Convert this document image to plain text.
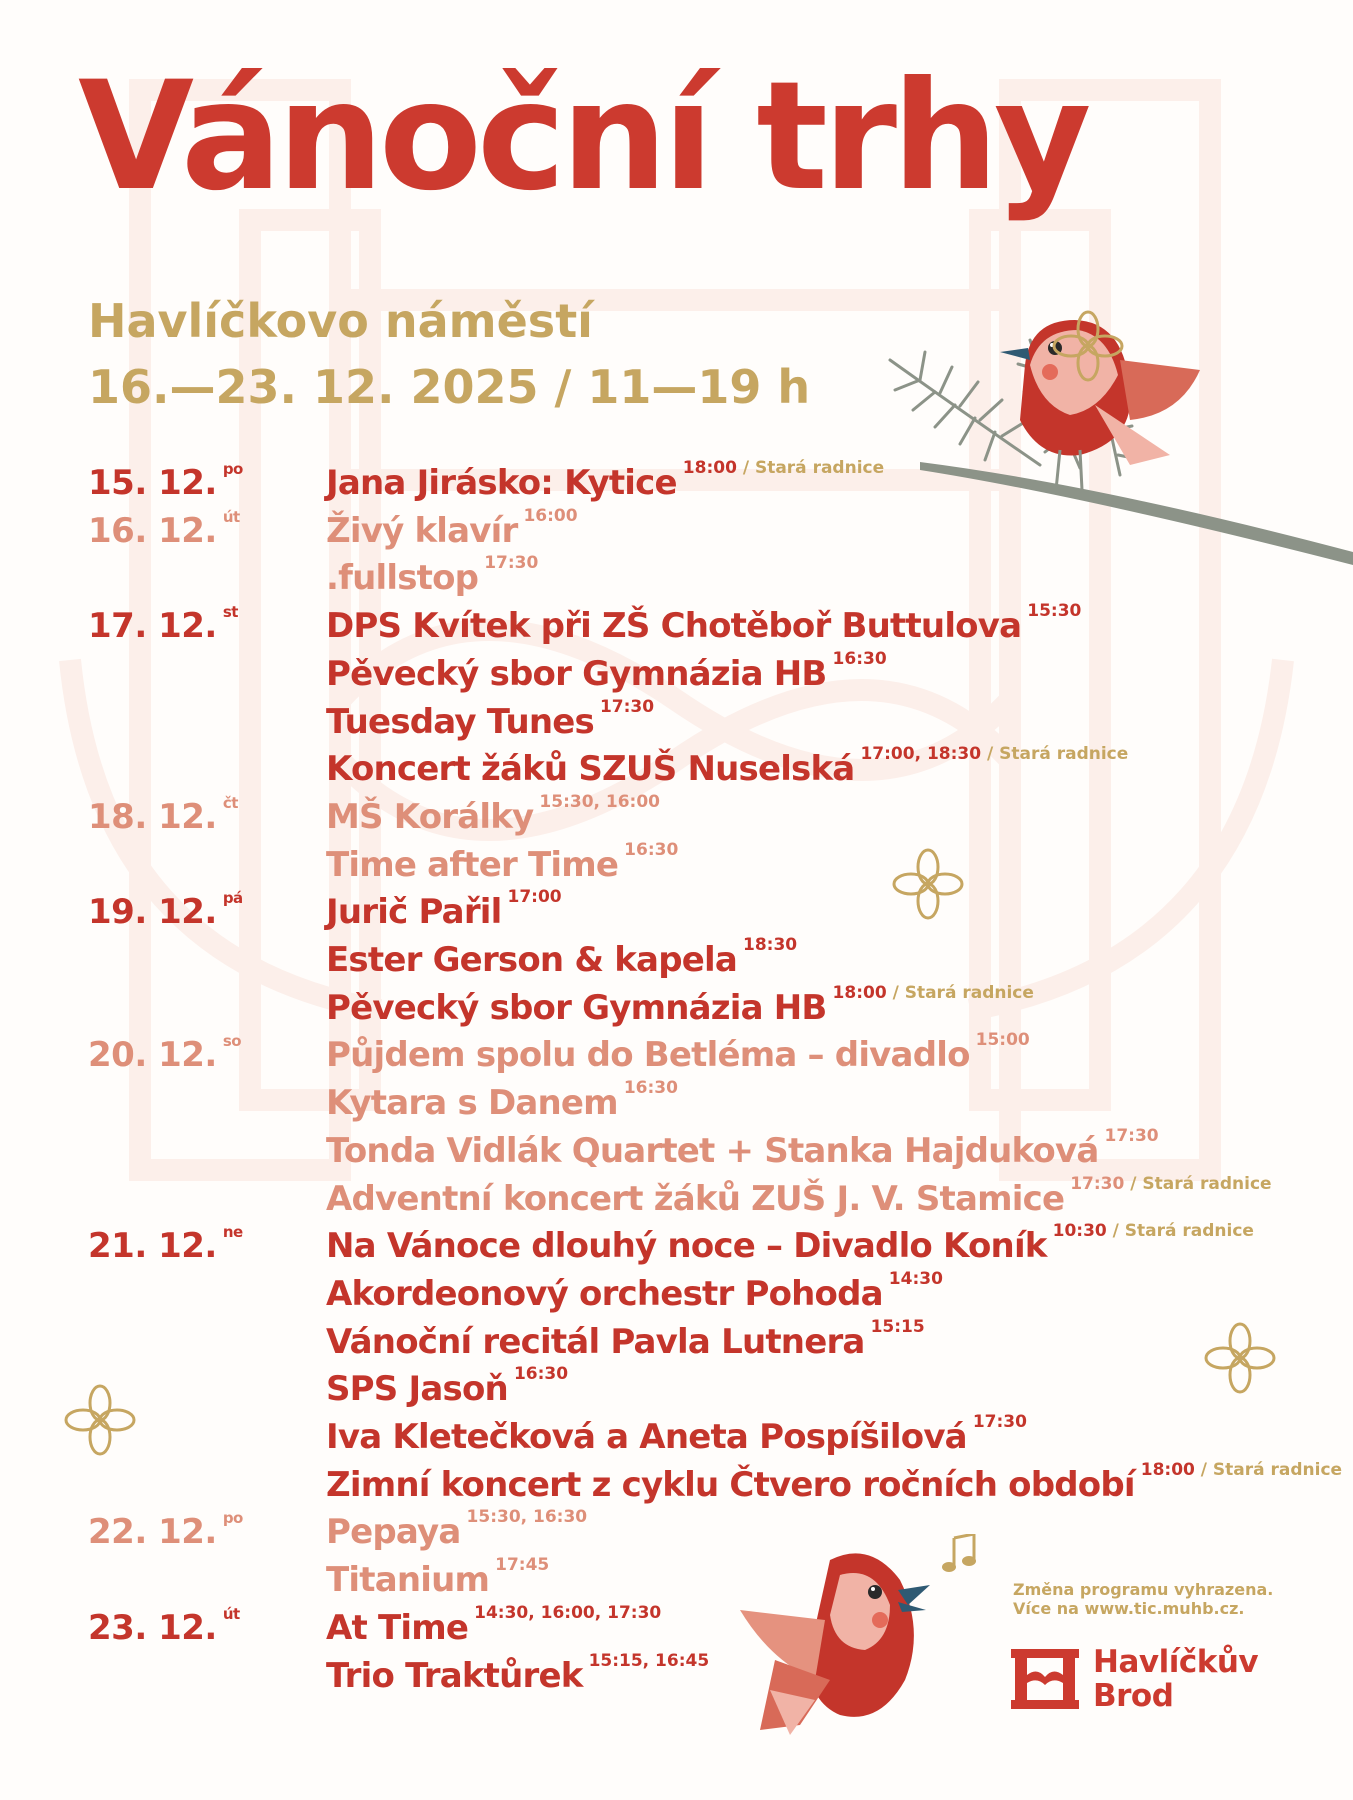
Vánoční trhy
Havlíčkovo náměstí
16.—23. 12. 2025 / 11—19 h
15. 12. $^{po}$ Jana Jirásko: Kytice $^{18:00}$ $^{/ Stará radnice}$
16. 12. $^{út}$	Živý klavír $^{16:00}$
.fullstop $^{17:30}$
17. 12. $^{st}$	DPS Kvítek při ZŠ Chotěboř Buttulova $^{15:30}$
Pěvecký sbor Gymnázia HB $^{16:30}$
Tuesday Tunes $^{17:30}$
Koncert žáků SZUŠ Nuselská $^{17:00, 18:30}$ $^{/ Stará radnice}$
18. 12. $^{čt}$	MŠ Korálky $^{15:30, 16:00}$
Time after Time $^{16:30}$
19. 12. $^{pá}$ Jurič Pařil $^{17:00}$
Ester Gerson & kapela $^{18:30}$
Pěvecký sbor Gymnázia HB $^{18:00}$ $^{/ Stará radnice}$
20. 12. $^{so}$ Půjdem spolu do Betléma – divadlo $^{15:00}$
Kytara s Danem $^{16:30}$
Tonda Vidlák Quartet + Stanka Hajduková $^{17:30}$
Adventní koncert žáků ZUŠ J. V. Stamice $^{17:30}$ $^{/ Stará radnice}$
21. 12. $^{ne}$ Na Vánoce dlouhý noce – Divadlo Koník $^{10:30}$ $^{/ Stará radnice}$
Akordeonový orchestr Pohoda $^{14:30}$
Vánoční recitál Pavla Lutnera $^{15:15}$
SPS Jasoň $^{16:30}$
Iva Kletečková a Aneta Pospíšilová $^{17:30}$
Zimní koncert z cyklu Čtvero ročních období $^{18:00}$ $^{/ Stará radnice}$
22. 12. $^{po}$ Pepaya $^{15:30, 16:30}$
Titanium $^{17:45}$
23. 12. $^{út}$	At Time $^{14:30, 16:00, 17:30}$
Trio Traktůrek $^{15:15, 16:45}$
Změna programu vyhrazena.
Více na www.tic.muhb.cz.
Havlíčkův
Brod
